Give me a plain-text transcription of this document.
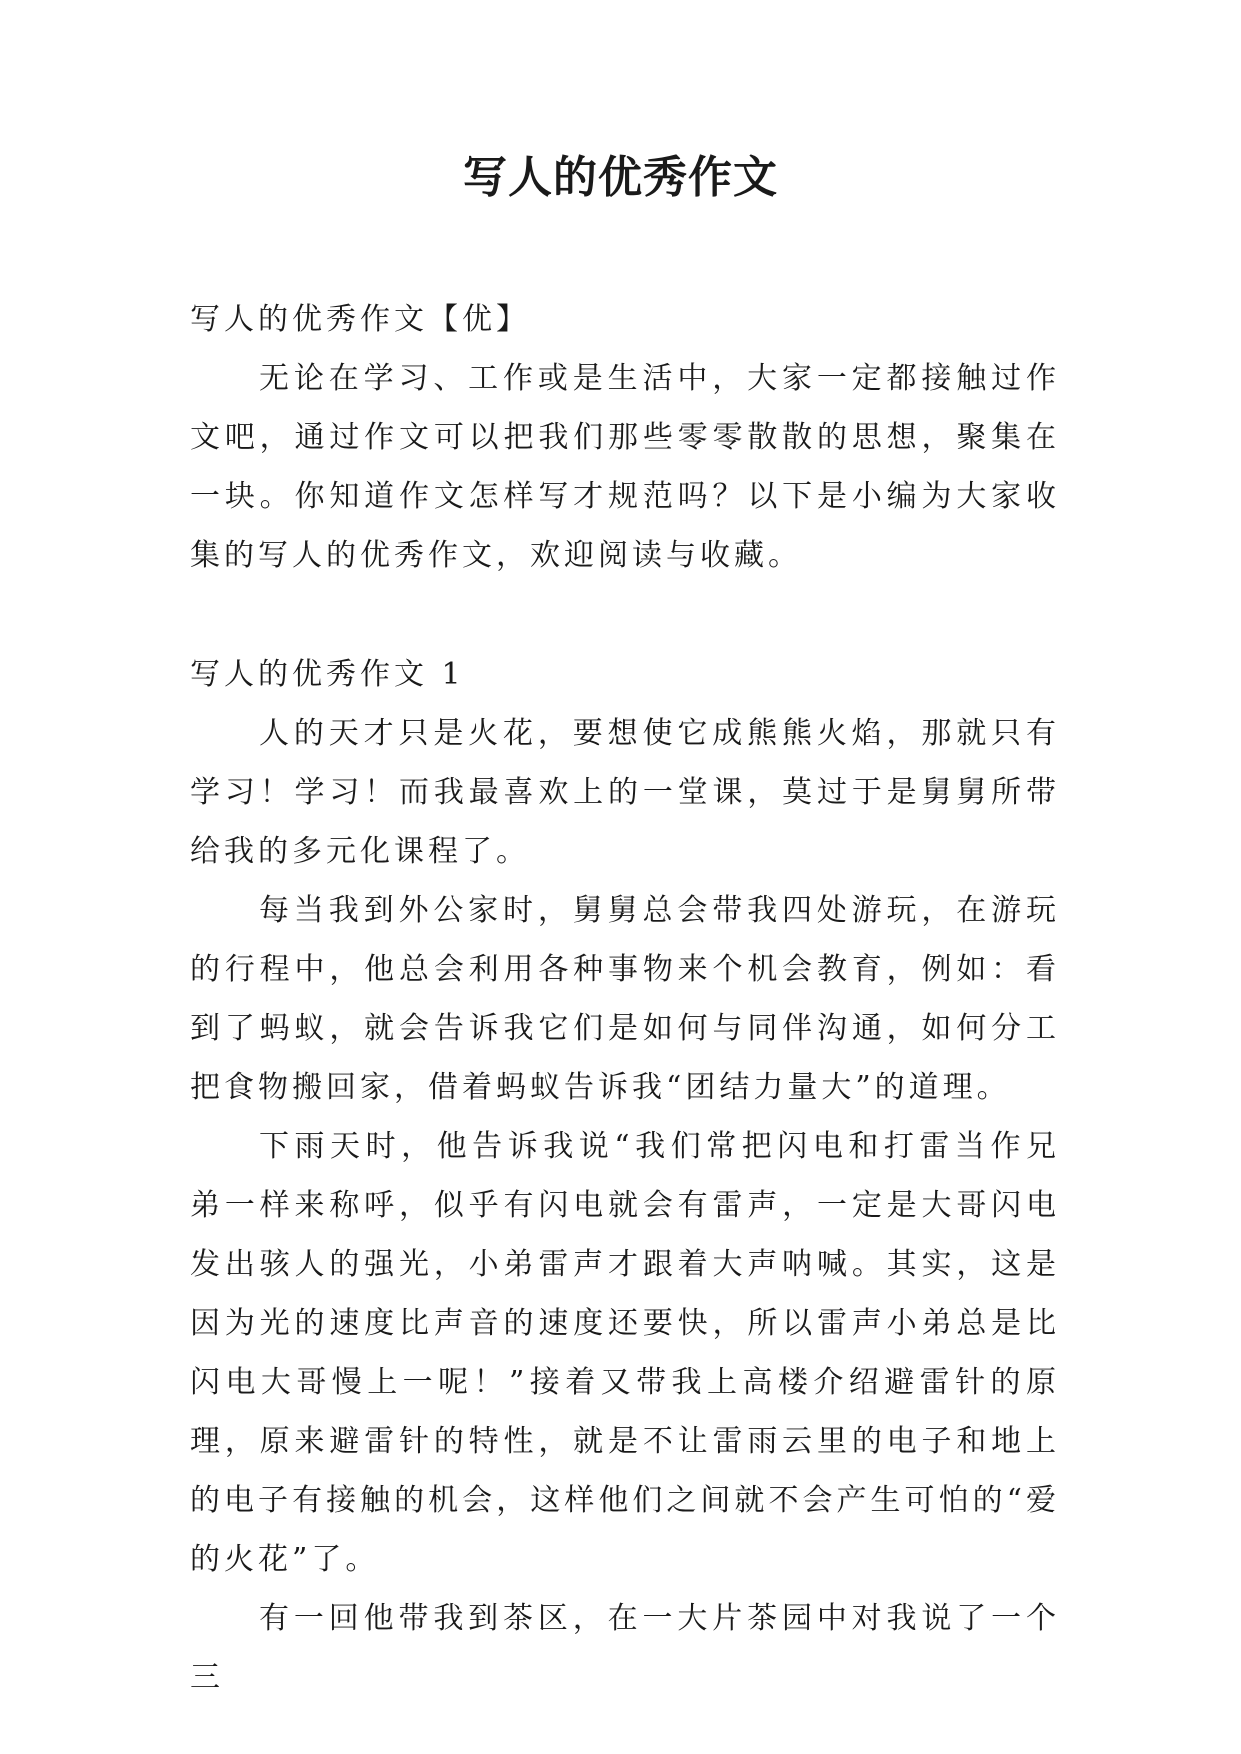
写人的优秀作文

写人的优秀作文【优】

无论在学习、工作或是生活中，大家一定都接触过作文吧，通过作文可以把我们那些零零散散的思想，聚集在一块。你知道作文怎样写才规范吗？以下是小编为大家收集的写人的优秀作文，欢迎阅读与收藏。

写人的优秀作文 1

人的天才只是火花，要想使它成熊熊火焰，那就只有学习！学习！而我最喜欢上的一堂课，莫过于是舅舅所带给我的多元化课程了。

每当我到外公家时，舅舅总会带我四处游玩，在游玩的行程中，他总会利用各种事物来个机会教育，例如：看到了蚂蚁，就会告诉我它们是如何与同伴沟通，如何分工把食物搬回家，借着蚂蚁告诉我“团结力量大”的道理。

下雨天时，他告诉我说“我们常把闪电和打雷当作兄弟一样来称呼，似乎有闪电就会有雷声，一定是大哥闪电发出骇人的强光，小弟雷声才跟着大声呐喊。其实，这是因为光的速度比声音的速度还要快，所以雷声小弟总是比闪电大哥慢上一呢！”接着又带我上高楼介绍避雷针的原理，原来避雷针的特性，就是不让雷雨云里的电子和地上的电子有接触的机会，这样他们之间就不会产生可怕的“爱的火花”了。

有一回他带我到茶区，在一大片茶园中对我说了一个三
